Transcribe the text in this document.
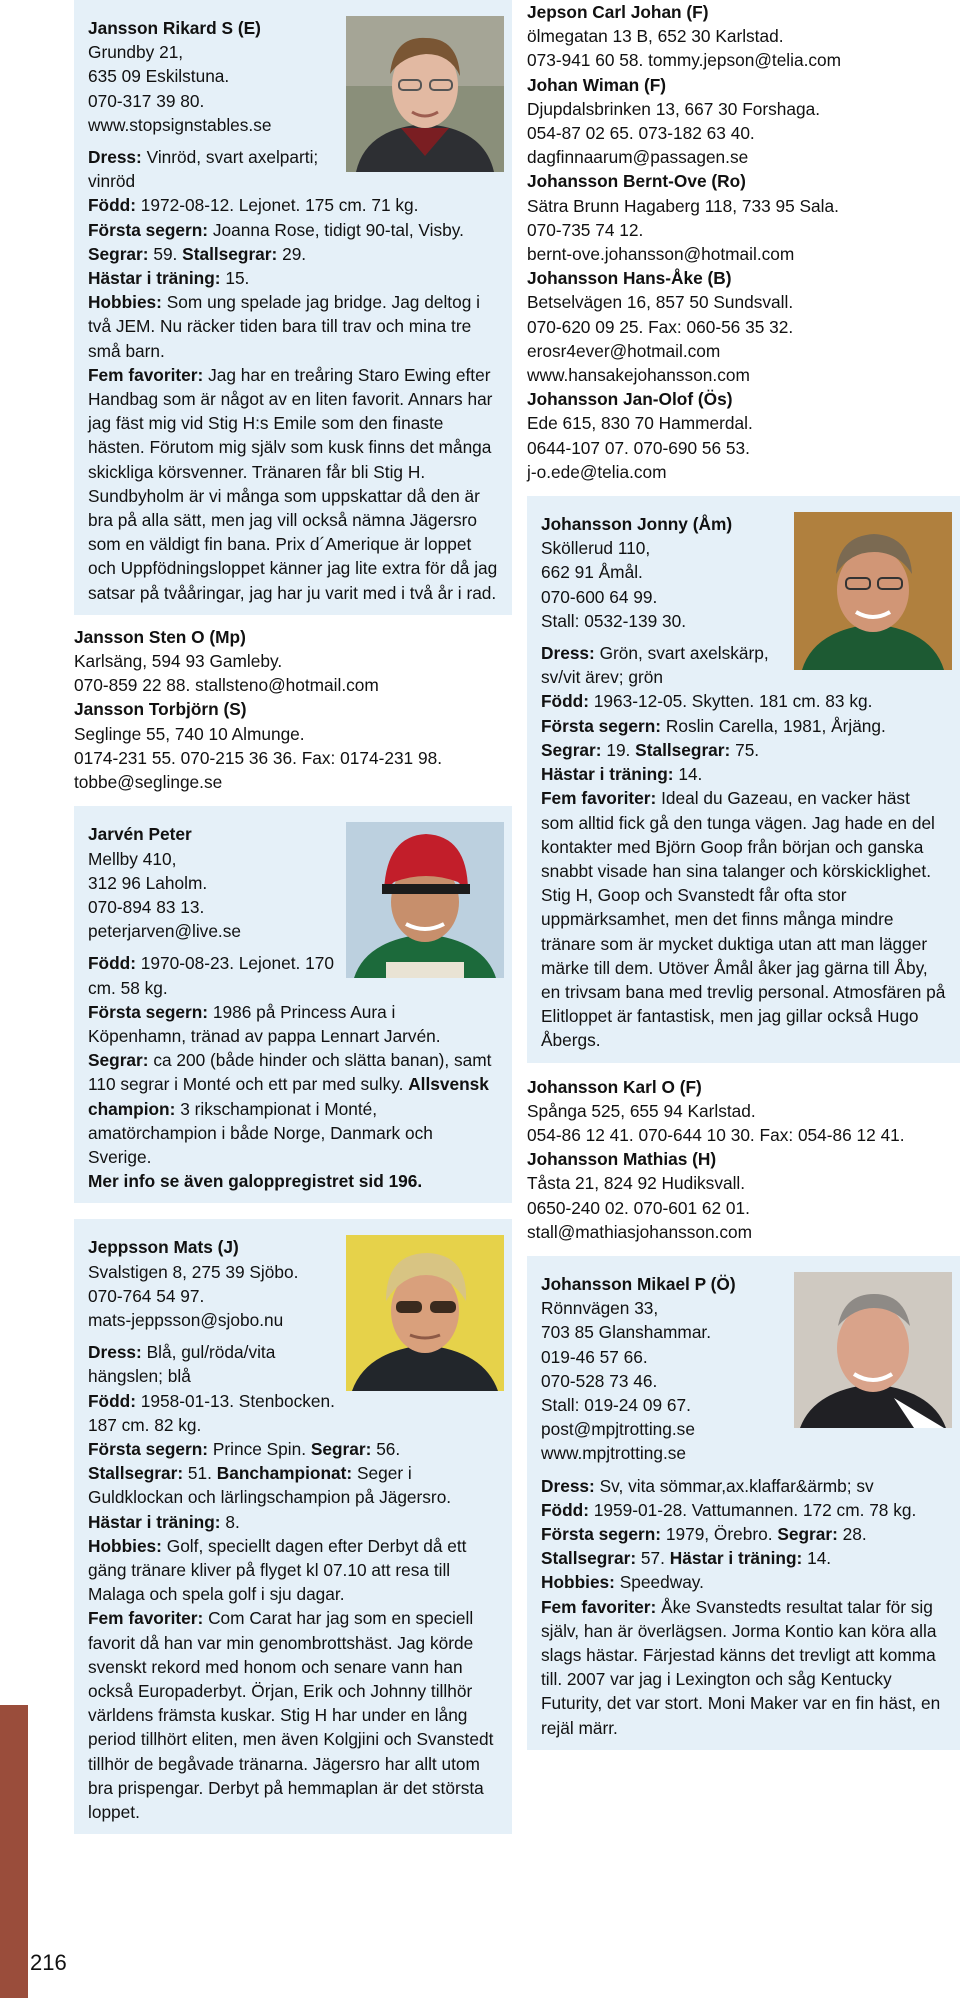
216
Jansson Rikard S (E)
Grundby 21,
635 09 Eskilstuna.
070-317 39 80.
www.stopsignstables.se

Dress: Vinröd, svart axelparti; vinröd

Född: 1972-08-12. Lejonet. 175 cm. 71 kg.

Första segern: Joanna Rose, tidigt 90-tal, Visby. Segrar: 59. Stallsegrar: 29.

Hästar i träning: 15.

Hobbies: Som ung spelade jag bridge. Jag deltog i två JEM. Nu räcker tiden bara till trav och mina tre små barn.

Fem favoriter: Jag har en treåring Staro Ewing efter Handbag som är något av en liten favorit. Annars har jag fäst mig vid Stig H:s Emile som den finaste hästen. Förutom mig själv som kusk finns det många skickliga körsvenner. Tränaren får bli Stig H. Sundbyholm är vi många som uppskattar då den är bra på alla sätt, men jag vill också nämna Jägersro som en väldigt fin bana. Prix d´Amerique är loppet och Uppfödningsloppet känner jag lite extra för då jag satsar på tvååringar, jag har ju varit med i två år i rad.

Jansson Sten O (Mp)
Karlsäng, 594 93 Gamleby.
070-859 22 88. stallsteno@hotmail.com
Jansson Torbjörn (S)
Seglinge 55, 740 10 Almunge.
0174-231 55. 070-215 36 36. Fax: 0174-231 98.
tobbe@seglinge.se
Jarvén Peter
Mellby 410,
312 96 Laholm.
070-894 83 13.
peterjarven@live.se

Född: 1970-08-23. Lejonet. 170 cm. 58 kg.

Första segern: 1986 på Princess Aura i Köpenhamn, tränad av pappa Lennart Jarvén.

Segrar: ca 200 (både hinder och slätta banan), samt 110 segrar i Monté och ett par med sulky. Allsvensk champion: 3 rikschampionat i Monté, amatörchampion i både Norge, Danmark och Sverige.

Mer info se även galoppregistret sid 196.

Jeppsson Mats (J)
Svalstigen 8, 275 39 Sjöbo.
070-764 54 97.
mats-jeppsson@sjobo.nu

Dress: Blå, gul/röda/vita hängslen; blå

Född: 1958-01-13. Stenbocken. 187 cm. 82 kg.

Första segern: Prince Spin. Segrar: 56.

Stallsegrar: 51. Banchampionat: Seger i Guldklockan och lärlingschampion på Jägersro.

Hästar i träning: 8.

Hobbies: Golf, speciellt dagen efter Derbyt då ett gäng tränare kliver på flyget kl 07.10 att resa till Malaga och spela golf i sju dagar.

Fem favoriter: Com Carat har jag som en speciell favorit då han var min genombrottshäst. Jag körde svenskt rekord med honom och senare vann han också Europaderbyt. Örjan, Erik och Johnny tillhör världens främsta kuskar. Stig H har under en lång period tillhört eliten, men även Kolgjini och Svanstedt tillhör de begåvade tränarna. Jägersro har allt utom bra prispengar. Derbyt på hemmaplan är det största loppet.

Jepson Carl Johan (F)
ölmegatan 13 B, 652 30 Karlstad.
073-941 60 58. tommy.jepson@telia.com
Johan Wiman (F)
Djupdalsbrinken 13, 667 30 Forshaga.
054-87 02 65. 073-182 63 40.
dagfinnaarum@passagen.se
Johansson Bernt-Ove (Ro)
Sätra Brunn Hagaberg 118, 733 95 Sala.
070-735 74 12.
bernt-ove.johansson@hotmail.com
Johansson Hans-Åke (B)
Betselvägen 16, 857 50 Sundsvall.
070-620 09 25. Fax: 060-56 35 32.
erosr4ever@hotmail.com
www.hansakejohansson.com
Johansson Jan-Olof (Ös)
Ede 615, 830 70 Hammerdal.
0644-107 07. 070-690 56 53.
j-o.ede@telia.com
Johansson Jonny (Åm)
Sköllerud 110,
662 91 Åmål.
070-600 64 99.
Stall: 0532-139 30.

Dress: Grön, svart axelskärp, sv/vit ärev; grön

Född: 1963-12-05. Skytten. 181 cm. 83 kg.

Första segern: Roslin Carella, 1981, Årjäng.

Segrar: 19. Stallsegrar: 75.

Hästar i träning: 14.

Fem favoriter: Ideal du Gazeau, en vacker häst som alltid fick gå den tunga vägen. Jag hade en del kontakter med Björn Goop från början och ganska snabbt visade han sina talanger och körskicklighet. Stig H, Goop och Svanstedt får ofta stor uppmärksamhet, men det finns många mindre tränare som är mycket duktiga utan att man lägger märke till dem. Utöver Åmål åker jag gärna till Åby, en trivsam bana med trevlig personal. Atmosfären på Elitloppet är fantastisk, men jag gillar också Hugo Åbergs.

Johansson Karl O (F)
Spånga 525, 655 94 Karlstad.
054-86 12 41. 070-644 10 30. Fax: 054-86 12 41.
Johansson Mathias (H)
Tåsta 21, 824 92 Hudiksvall.
0650-240 02. 070-601 62 01.
stall@mathiasjohansson.com
Johansson Mikael P (Ö)
Rönnvägen 33,
703 85 Glanshammar.
019-46 57 66.
070-528 73 46.
Stall: 019-24 09 67.
post@mpjtrotting.se
www.mpjtrotting.se

Dress: Sv, vita sömmar,ax.klaffar&ärmb; sv

Född: 1959-01-28. Vattumannen. 172 cm. 78 kg.

Första segern: 1979, Örebro. Segrar: 28.

Stallsegrar: 57. Hästar i träning: 14.

Hobbies: Speedway.

Fem favoriter: Åke Svanstedts resultat talar för sig själv, han är överlägsen. Jorma Kontio kan köra alla slags hästar. Färjestad känns det trevligt att komma till. 2007 var jag i Lexington och såg Kentucky Futurity, det var stort. Moni Maker var en fin häst, en rejäl märr.
